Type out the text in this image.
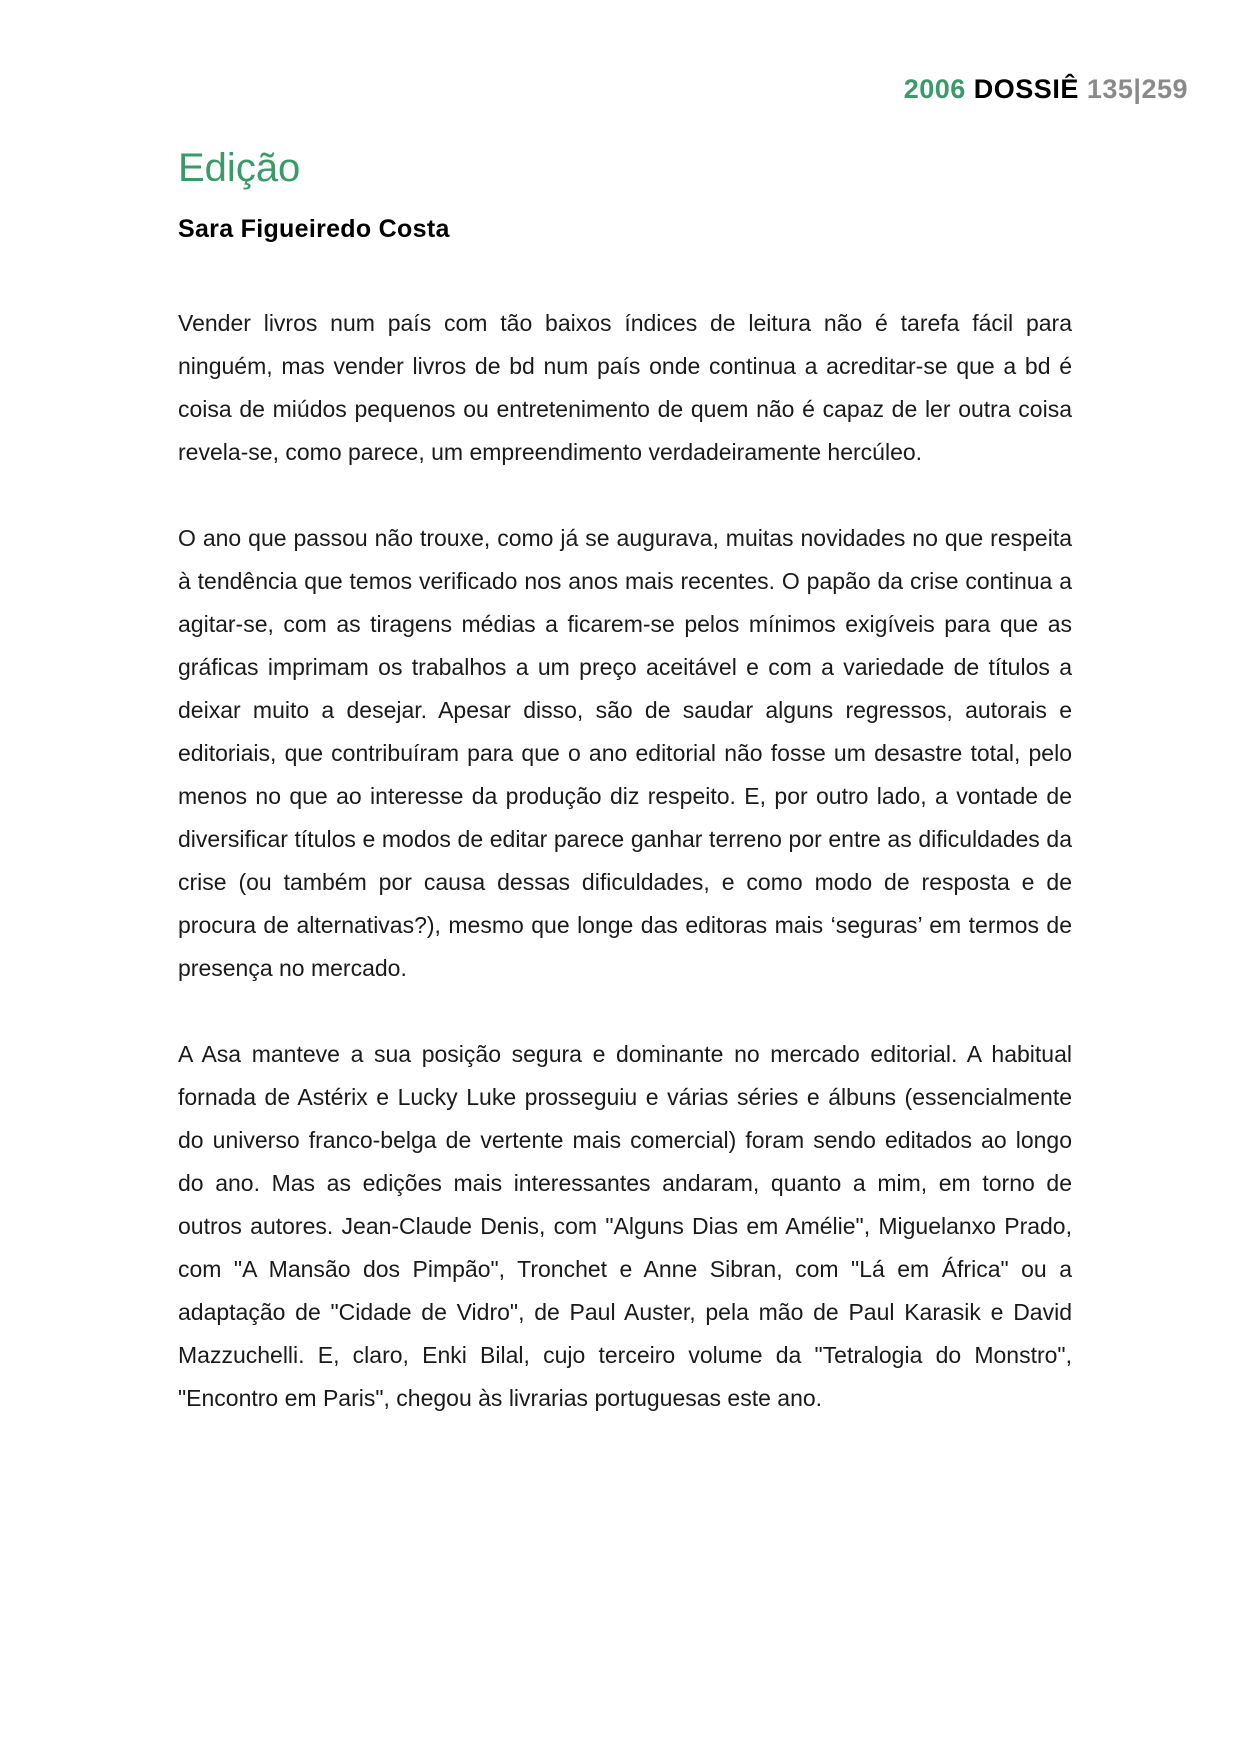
2006 DOSSIÊ 135|259
Edição
Sara Figueiredo Costa

Vender livros num país com tão baixos índices de leitura não é tarefa fácil para ninguém, mas vender livros de bd num país onde continua a acreditar-se que a bd é coisa de miúdos pequenos ou entretenimento de quem não é capaz de ler outra coisa revela-se, como parece, um empreendimento verdadeiramente hercúleo.

O ano que passou não trouxe, como já se augurava, muitas novidades no que respeita à tendência que temos verificado nos anos mais recentes. O papão da crise continua a agitar-se, com as tiragens médias a ficarem-se pelos mínimos exigíveis para que as gráficas imprimam os trabalhos a um preço aceitável e com a variedade de títulos a deixar muito a desejar. Apesar disso, são de saudar alguns regressos, autorais e editoriais, que contribuíram para que o ano editorial não fosse um desastre total, pelo menos no que ao interesse da produção diz respeito. E, por outro lado, a vontade de diversificar títulos e modos de editar parece ganhar terreno por entre as dificuldades da crise (ou também por causa dessas dificuldades, e como modo de resposta e de procura de alternativas?), mesmo que longe das editoras mais ‘seguras’ em termos de presença no mercado.

A Asa manteve a sua posição segura e dominante no mercado editorial. A habitual fornada de Astérix e Lucky Luke prosseguiu e várias séries e álbuns (essencialmente do universo franco-belga de vertente mais comercial) foram sendo editados ao longo do ano. Mas as edições mais interessantes andaram, quanto a mim, em torno de outros autores. Jean-Claude Denis, com "Alguns Dias em Amélie", Miguelanxo Prado, com "A Mansão dos Pimpão", Tronchet e Anne Sibran, com "Lá em África" ou a adaptação de "Cidade de Vidro", de Paul Auster, pela mão de Paul Karasik e David Mazzuchelli. E, claro, Enki Bilal, cujo terceiro volume da "Tetralogia do Monstro", "Encontro em Paris", chegou às livrarias portuguesas este ano.
